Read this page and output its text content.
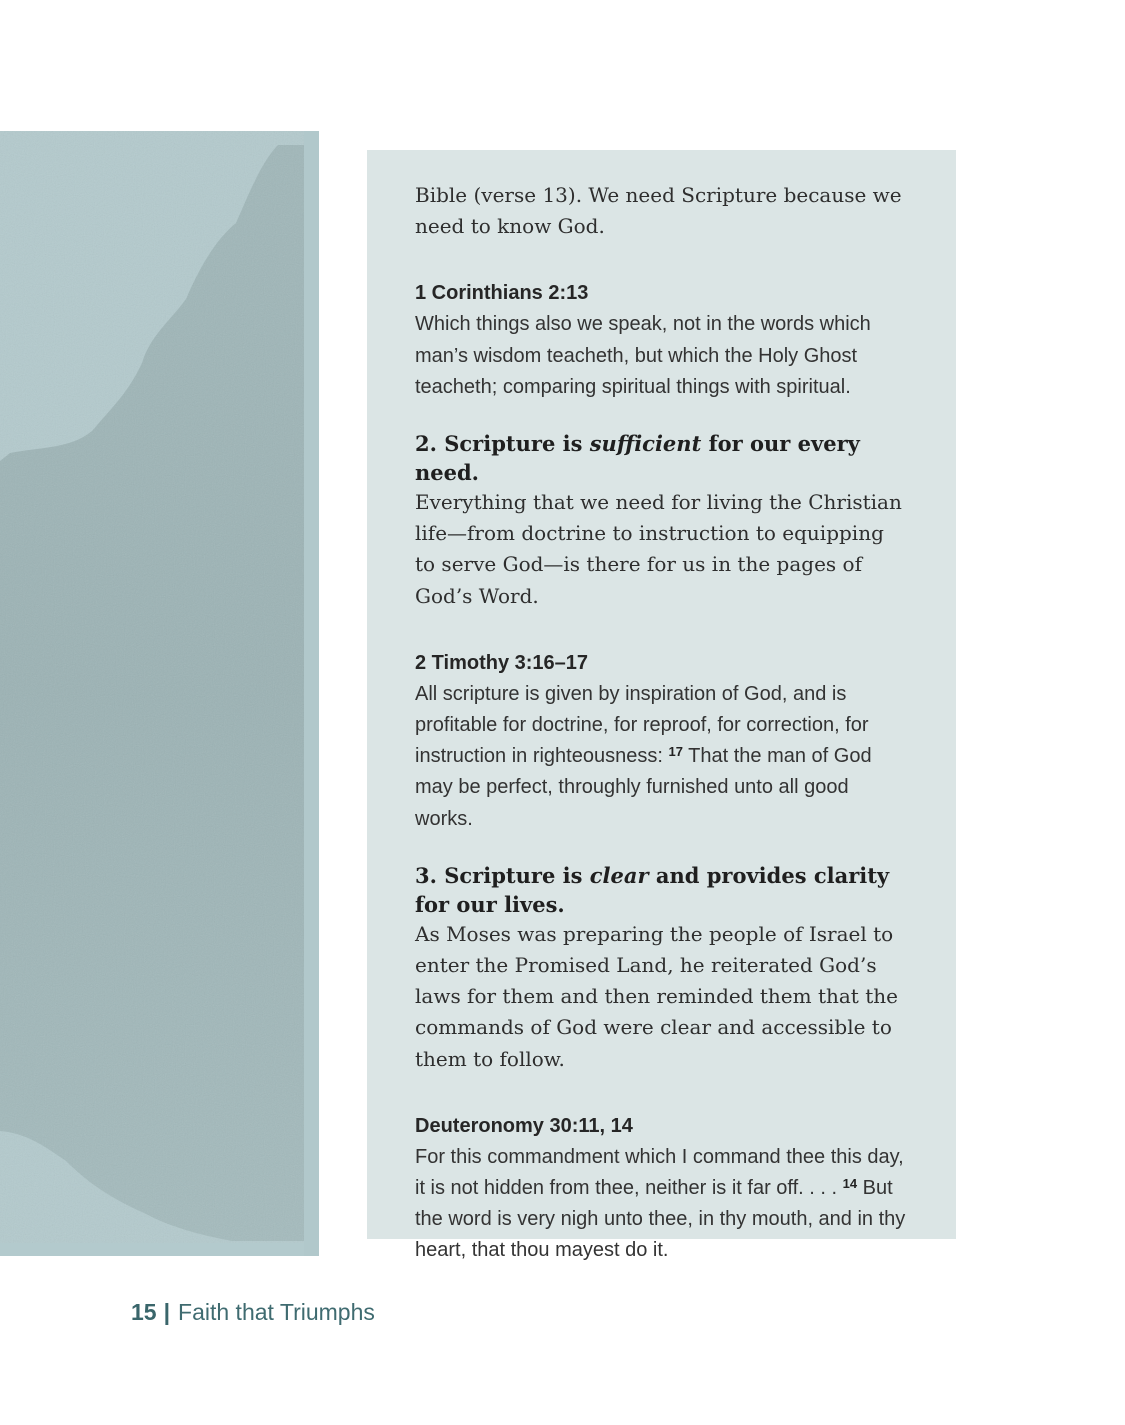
Bible (verse 13). We need Scripture because we need to know God.

1 Corinthians 2:13

Which things also we speak, not in the words which man’s wisdom teacheth, but which the Holy Ghost teacheth; comparing spiritual things with spiritual.

2. Scripture is sufficient for our every need.

Everything that we need for living the Christian life—from doctrine to instruction to equipping to serve God—is there for us in the pages of God’s Word.

2 Timothy 3:16–17

All scripture is given by inspiration of God, and is profitable for doctrine, for reproof, for correction, for instruction in righteousness: $^{17}$ That the man of God may be perfect, throughly furnished unto all good works.

3. Scripture is clear and provides clarity for our lives.

As Moses was preparing the people of Israel to enter the Promised Land, he reiterated God’s laws for them and then reminded them that the commands of God were clear and accessible to them to follow.

Deuteronomy 30:11, 14

For this commandment which I command thee this day, it is not hidden from thee, neither is it far off. . . . $^{14}$ But the word is very nigh unto thee, in thy mouth, and in thy heart, that thou mayest do it.

15 | Faith that Triumphs
